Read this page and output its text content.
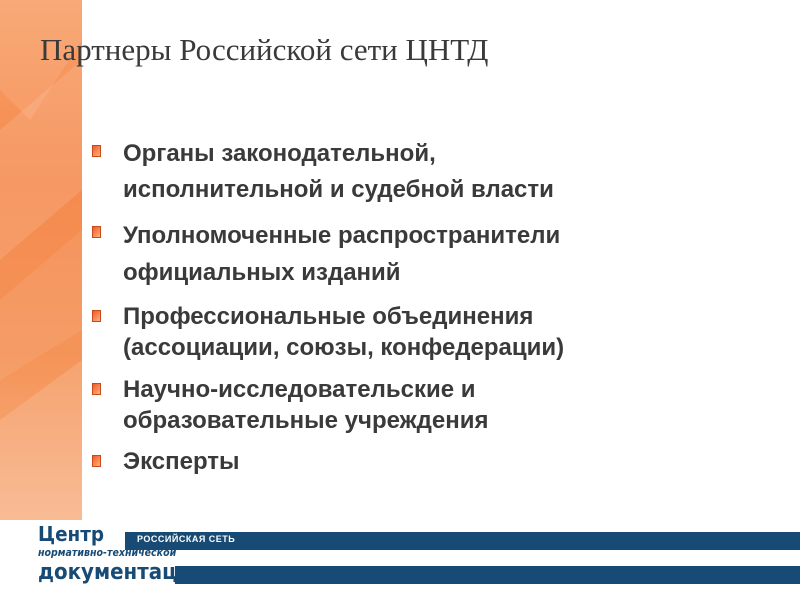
Партнеры Российской сети ЦНТД
Органы законодательной,
исполнительной и судебной власти
Уполномоченные распространители
официальных изданий
Профессиональные объединения
(ассоциации, союзы, конфедерации)
Научно-исследовательские и
образовательные учреждения
Эксперты
РОССИЙСКАЯ СЕТЬ
Центр
нормативно-технической
документации
